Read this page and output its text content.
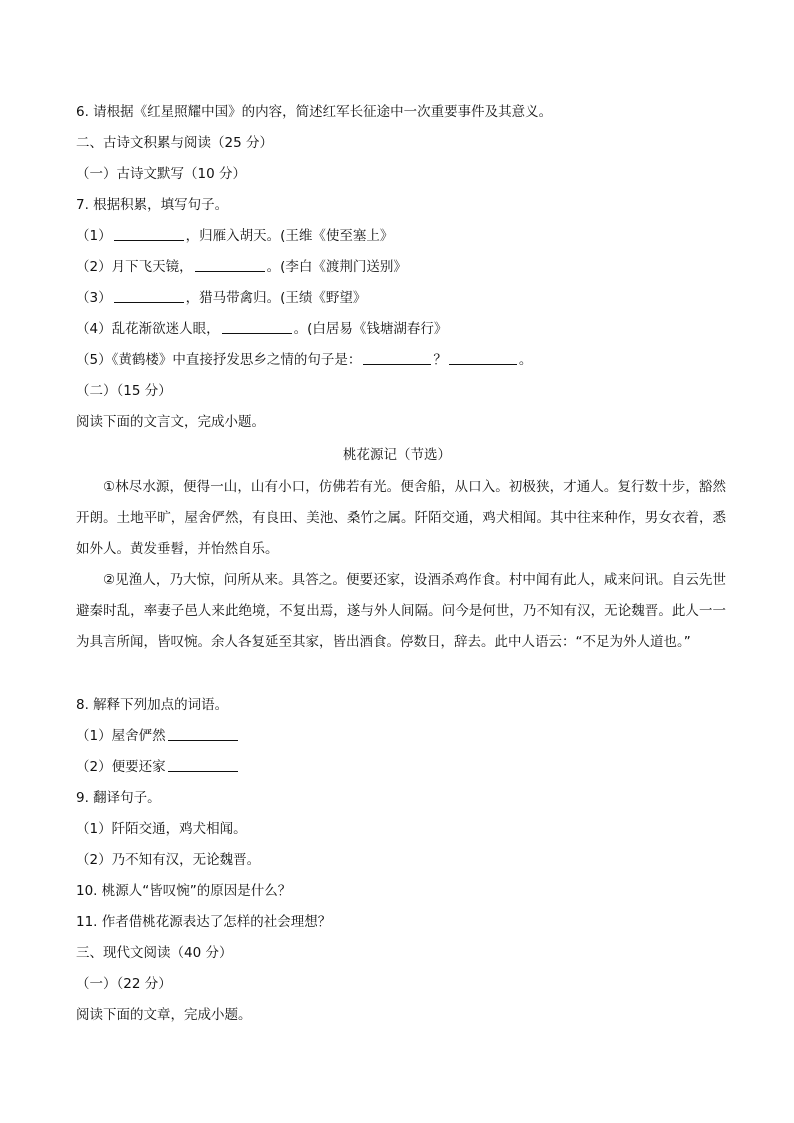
6. 请根据《红星照耀中国》的内容，简述红军长征途中一次重要事件及其意义。
二、古诗文积累与阅读（25 分）
（一）古诗文默写（10 分）
7. 根据积累，填写句子。
（1）	，归雁入胡天。(王维《使至塞上》
（2）月下飞天镜，	。(李白《渡荆门送别》
（3）	，猎马带禽归。(王绩《野望》
（4）乱花渐欲迷人眼，	。(白居易《钱塘湖春行》
（5）《黄鹤楼》中直接抒发思乡之情的句子是：	？	。
（二）（15 分）
阅读下面的文言文，完成小题。
桃花源记（节选）
①林尽水源，便得一山，山有小口，仿佛若有光。便舍船，从口入。初极狭，才通人。复行数十步，豁然开朗。土地平旷，屋舍俨然，有良田、美池、桑竹之属。阡陌交通，鸡犬相闻。其中往来种作，男女衣着，悉如外人。黄发垂髫，并怡然自乐。
②见渔人，乃大惊，问所从来。具答之。便要还家，设酒杀鸡作食。村中闻有此人，咸来问讯。自云先世避秦时乱，率妻子邑人来此绝境，不复出焉，遂与外人间隔。问今是何世，乃不知有汉，无论魏晋。此人一一为具言所闻，皆叹惋。余人各复延至其家，皆出酒食。停数日，辞去。此中人语云：“不足为外人道也。”
8. 解释下列加点的词语。
（1）屋舍俨然
（2）便要还家
9. 翻译句子。
（1）阡陌交通，鸡犬相闻。
（2）乃不知有汉，无论魏晋。
10. 桃源人“皆叹惋”的原因是什么？
11. 作者借桃花源表达了怎样的社会理想？
三、现代文阅读（40 分）
（一）（22 分）
阅读下面的文章，完成小题。
